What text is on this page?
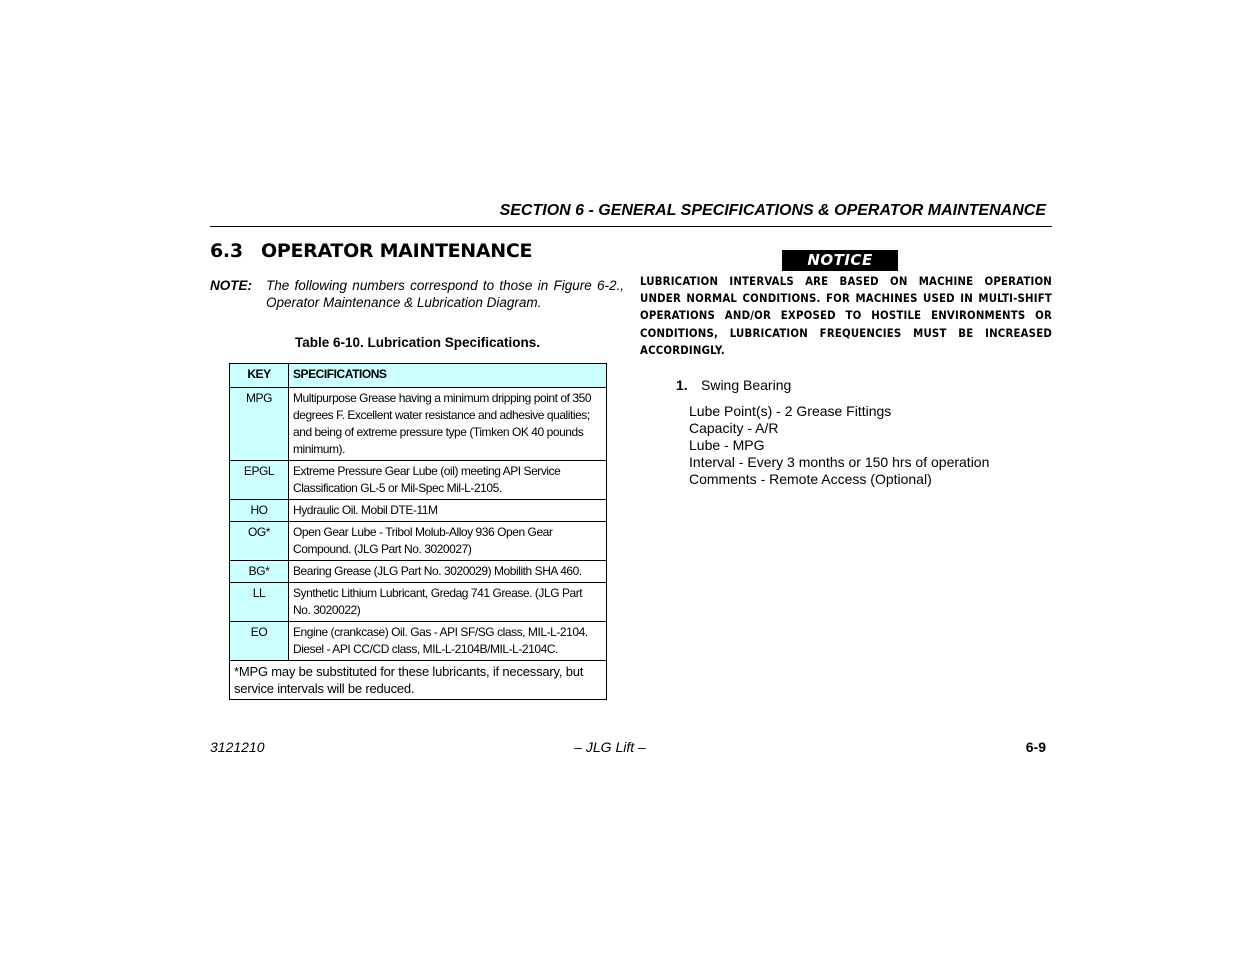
SECTION 6 - GENERAL SPECIFICATIONS & OPERATOR MAINTENANCE
6.3 OPERATOR MAINTENANCE
NOTE: The following numbers correspond to those in Figure 6-2., Operator Maintenance & Lubrication Diagram.
Table 6-10. Lubrication Specifications.
KEY	SPECIFICATIONS
MPG	Multipurpose Grease having a minimum dripping point of 350 degrees F. Excellent water resistance and adhesive qualities; and being of extreme pressure type (Timken OK 40 pounds minimum).
EPGL	Extreme Pressure Gear Lube (oil) meeting API Service Classification GL-5 or Mil-Spec Mil-L-2105.
HO	Hydraulic Oil. Mobil DTE-11M
OG*	Open Gear Lube - Tribol Molub-Alloy 936 Open Gear Compound. (JLG Part No. 3020027)
BG*	Bearing Grease (JLG Part No. 3020029) Mobilith SHA 460.
LL	Synthetic Lithium Lubricant, Gredag 741 Grease. (JLG Part No. 3020022)
EO	Engine (crankcase) Oil. Gas - API SF/SG class, MIL-L-2104. Diesel - API CC/CD class, MIL-L-2104B/MIL-L-2104C.
*MPG may be substituted for these lubricants, if necessary, but service intervals will be reduced.	
NOTICE
LUBRICATION INTERVALS ARE BASED ON MACHINE OPERATION UNDER NORMAL CONDITIONS. FOR MACHINES USED IN MULTI-SHIFT OPERATIONS AND/OR EXPOSED TO HOSTILE ENVIRONMENTS OR CONDITIONS, LUBRICATION FREQUENCIES MUST BE INCREASED ACCORDINGLY.
1. Swing Bearing
Lube Point(s) - 2 Grease Fittings
Capacity - A/R
Lube - MPG
Interval - Every 3 months or 150 hrs of operation
Comments - Remote Access (Optional)
3121210	– JLG Lift –	6-9
